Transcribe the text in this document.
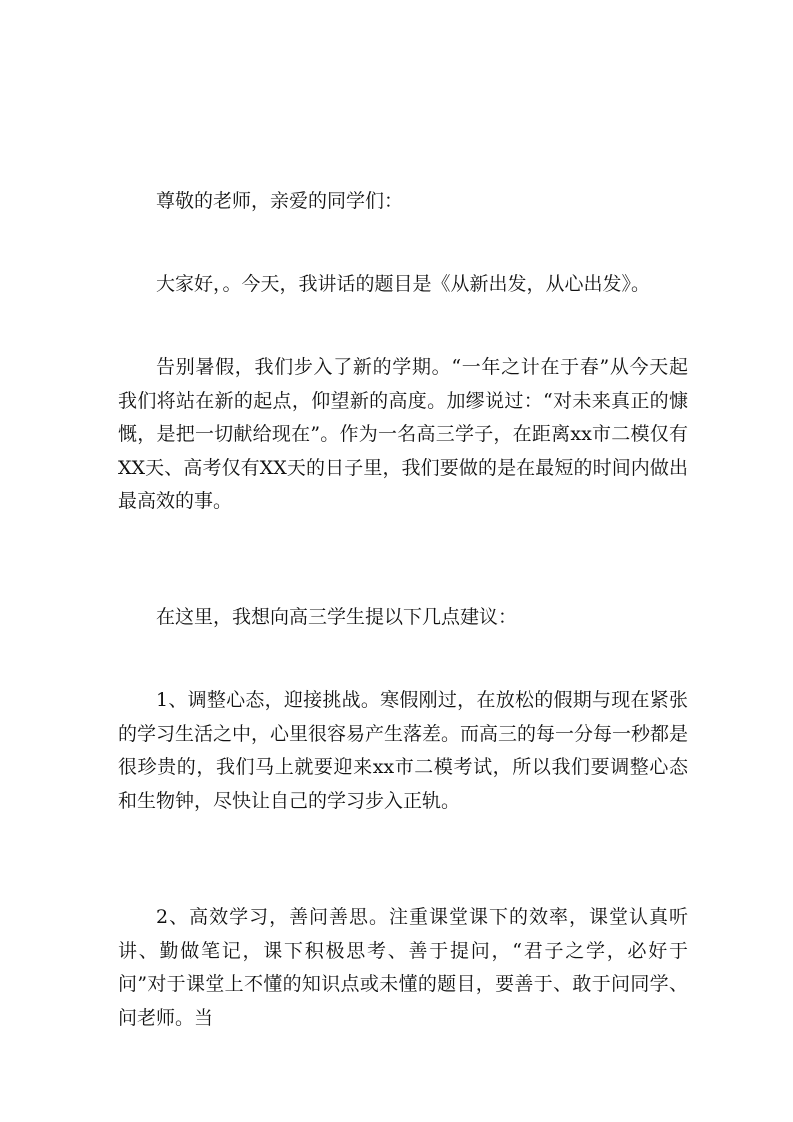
尊敬的老师，亲爱的同学们：

大家好，。今天，我讲话的题目是《从新出发，从心出发》。

告别暑假，我们步入了新的学期。“一年之计在于春”从今天起我们将站在新的起点，仰望新的高度。加缪说过：“对未来真正的慷慨，是把一切献给现在”。作为一名高三学子，在距离xx市二模仅有XX天、高考仅有XX天的日子里，我们要做的是在最短的时间内做出最高效的事。

在这里，我想向高三学生提以下几点建议：

1、调整心态，迎接挑战。寒假刚过，在放松的假期与现在紧张的学习生活之中，心里很容易产生落差。而高三的每一分每一秒都是很珍贵的，我们马上就要迎来xx市二模考试，所以我们要调整心态和生物钟，尽快让自己的学习步入正轨。

2、高效学习，善问善思。注重课堂课下的效率，课堂认真听讲、勤做笔记，课下积极思考、善于提问，“君子之学，必好于问”对于课堂上不懂的知识点或未懂的题目，要善于、敢于问同学、问老师。当
